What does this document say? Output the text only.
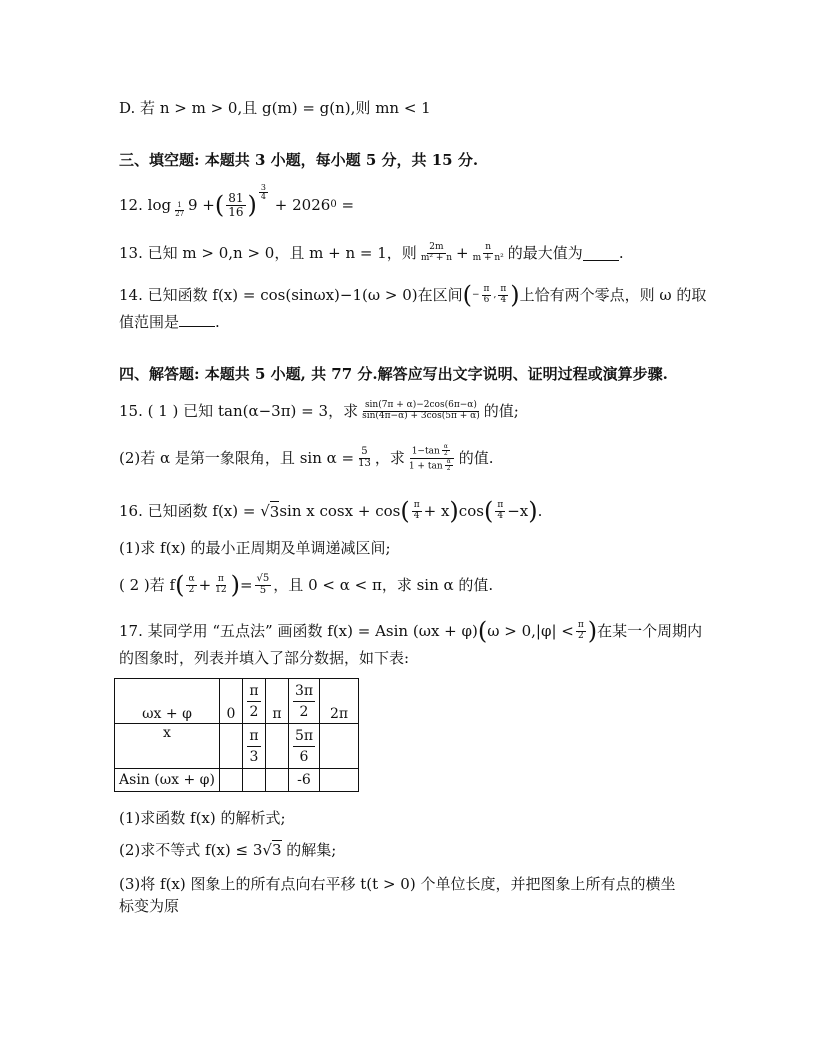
D. 若 n > m > 0,且 g(m) = g(n),则 mn < 1
三、填空题: 本题共 3 小题，每小题 5 分，共 15 分.
12.
$\log \frac{1}{27} 9$ + ( $\frac{81}{16}$ ) $\frac{3}{4}$

+ 2026 0
=
13. 已知
m > 0,n > 0 ，且
m + n = 1 ，则 $\frac{2m}{\text{m² + n}} + \frac{n}{\text{m + n²}}$ 的最大值为 .
14. 已知函数
f(x) = cos(sinωx)−1(ω > 0) 在区间 ( − $\frac{\pi}{6}$ , $\frac{\pi}{4}$ ) 上恰有两个零点，则 ω 的取
值范围是 .
四、解答题: 本题共 5 小题, 共 77 分.解答应写出文字说明、证明过程或演算步骤.
15. ( 1 ) 已知
tan(α−3π) = 3 ，求 $\frac{\sin(7\pi + \alpha)-2\cos(6\pi-\alpha)}{\sin(4\pi-\alpha) + 3\cos(5\pi + \alpha)}$ 的值;
(2)若 α 是第一象限角，且
$\sin \alpha = \frac{5}{13}$ ，求 $\frac{1-\tan \frac{\alpha}{2}}{1 + \tan \frac{\alpha}{2}}$ 的值.
16. 已知函数
f(x) = √ 3 sin x cosx + cos ( $\frac{\pi}{4} + x$ ) cos ( $\frac{\pi}{4} -x$ ) .
(1)求 f(x) 的最小正周期及单调递减区间;
( 2 )若 f ( $\frac{\alpha}{2} + \frac{\pi}{12}$ ) = $\frac{√5}{5}$ ，且
0 < α < π ，求 sin α 的值.
17. 某同学用 “五点法” 画函数
f(x) = Asin (ωx + φ) ( $\omega > 0,|\varphi| < \frac{\pi}{2}$ ) 在某一个周期内
的图象时，列表并填入了部分数据，如下表:
ωx + φ	0	$\frac{\pi}{2}$	π	$\frac{3\pi}{2}$	2π
x		$\frac{\pi}{3}$		$\frac{5\pi}{6}$

Asin (ωx + φ)				-6	
(1)求函数 f(x) 的解析式;
(2)求不等式 f(x) ≤ 3√3 的解集;
(3)将 f(x) 图象上的所有点向右平移 t(t > 0) 个单位长度，并把图象上所有点的横坐
标变为原
